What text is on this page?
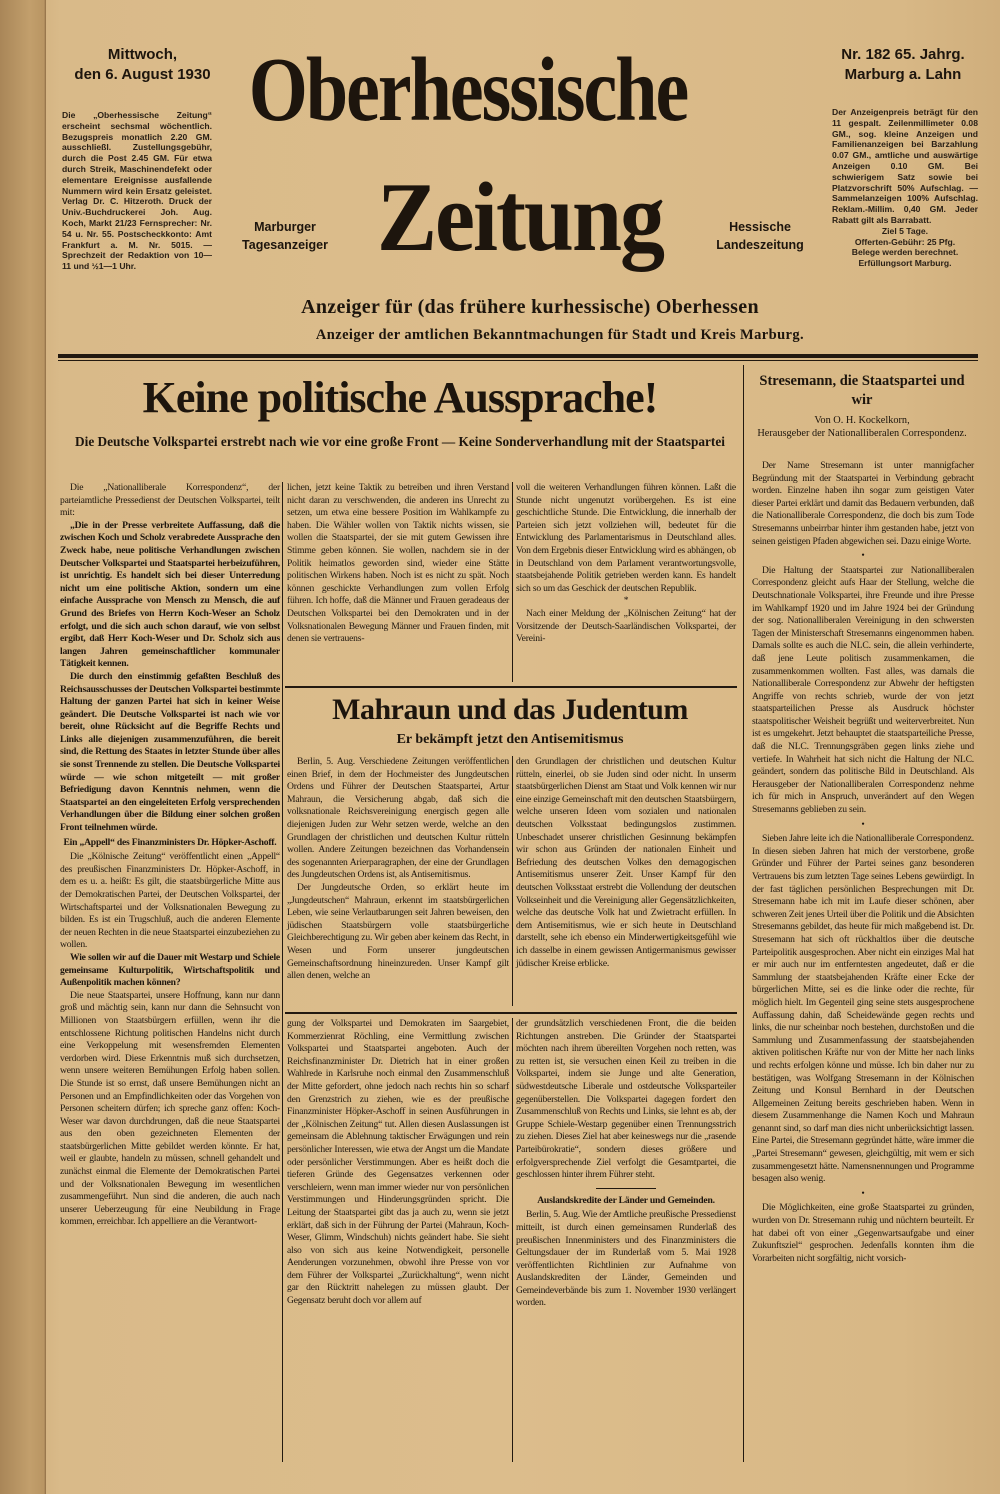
Mittwoch,
den 6. August 1930
Die „Oberhessische Zeitung“ erscheint sechsmal wöchentlich. Bezugspreis monatlich 2.20 GM. ausschließl. Zustellungsgebühr, durch die Post 2.45 GM. Für etwa durch Streik, Maschinendefekt oder elementare Ereignisse ausfallende Nummern wird kein Ersatz geleistet. Verlag Dr. C. Hitzeroth. Druck der Univ.-Buchdruckerei Joh. Aug. Koch, Markt 21/23 Fernsprecher: Nr. 54 u. Nr. 55. Postscheckkonto: Amt Frankfurt a. M. Nr. 5015. — Sprechzeit der Redaktion von 10—11 und ½1—1 Uhr.
Oberhessische
Zeitung
Marburger
Tagesanzeiger
Hessische
Landeszeitung
Nr. 182 65. Jahrg.
Marburg a. Lahn
Der Anzeigenpreis beträgt für den 11 gespalt. Zeilenmillimeter 0.08 GM., sog. kleine Anzeigen und Familienanzeigen bei Barzahlung 0.07 GM., amtliche und auswärtige Anzeigen 0.10 GM. Bei schwierigem Satz sowie bei Platzvorschrift 50% Aufschlag. — Sammelanzeigen 100% Aufschlag. Reklam.-Millim. 0,40 GM. Jeder Rabatt gilt als Barrabatt.
Ziel 5 Tage.
Offerten-Gebühr: 25 Pfg.
Belege werden berechnet.
Erfüllungsort Marburg.
Anzeiger für (das frühere kurhessische) Oberhessen
Anzeiger der amtlichen Bekanntmachungen für Stadt und Kreis Marburg.
Keine politische Aussprache!
Die Deutsche Volkspartei erstrebt nach wie vor eine große Front — Keine Sonderverhandlung mit der Staatspartei

Die „Nationalliberale Korrespondenz“, der parteiamtliche Pressedienst der Deutschen Volkspartei, teilt mit:

„Die in der Presse verbreitete Auffassung, daß die zwischen Koch und Scholz verabredete Aussprache den Zweck habe, neue politische Verhandlungen zwischen Deutscher Volkspartei und Staatspartei herbeizuführen, ist unrichtig. Es handelt sich bei dieser Unterredung nicht um eine politische Aktion, sondern um eine einfache Aussprache von Mensch zu Mensch, die auf Grund des Briefes von Herrn Koch-Weser an Scholz erfolgt, und die sich auch schon darauf, wie von selbst ergibt, daß Herr Koch-Weser und Dr. Scholz sich aus langen Jahren gemeinschaftlicher kommunaler Tätigkeit kennen.

Die durch den einstimmig gefaßten Beschluß des Reichsausschusses der Deutschen Volkspartei bestimmte Haltung der ganzen Partei hat sich in keiner Weise geändert. Die Deutsche Volkspartei ist nach wie vor bereit, ohne Rücksicht auf die Begriffe Rechts und Links alle diejenigen zusammenzuführen, die bereit sind, die Rettung des Staates in letzter Stunde über alles sie sonst Trennende zu stellen. Die Deutsche Volkspartei würde — wie schon mitgeteilt — mit großer Befriedigung davon Kenntnis nehmen, wenn die Staatspartei an den eingeleiteten Erfolg versprechenden Verhandlungen über die Bildung einer solchen großen Front teilnehmen würde.

Ein „Appell“ des Finanzministers Dr. Höpker-Aschoff.

Die „Kölnische Zeitung“ veröffentlicht einen „Appell“ des preußischen Finanzministers Dr. Höpker-Aschoff, in dem es u. a. heißt: Es gilt, die staatsbürgerliche Mitte aus der Demokratischen Partei, der Deutschen Volkspartei, der Wirtschaftspartei und der Volksnationalen Bewegung zu bilden. Es ist ein Trugschluß, auch die anderen Elemente der neuen Rechten in die neue Staatspartei einzubeziehen zu wollen.

Wie sollen wir auf die Dauer mit Westarp und Schiele gemeinsame Kulturpolitik, Wirtschaftspolitik und Außenpolitik machen können?

Die neue Staatspartei, unsere Hoffnung, kann nur dann groß und mächtig sein, kann nur dann die Sehnsucht von Millionen von Staatsbürgern erfüllen, wenn ihr die entschlossene Richtung politischen Handelns nicht durch eine Verkoppelung mit wesensfremden Elementen verdorben wird. Diese Erkenntnis muß sich durchsetzen, wenn unsere weiteren Bemühungen Erfolg haben sollen. Die Stunde ist so ernst, daß unsere Bemühungen nicht an Personen und an Empfindlichkeiten oder das Vorgehen von Personen scheitern dürfen; ich spreche ganz offen: Koch-Weser war davon durchdrungen, daß die neue Staatspartei aus den oben gezeichneten Elementen der staatsbürgerlichen Mitte gebildet werden könnte. Er hat, weil er glaubte, handeln zu müssen, schnell gehandelt und zunächst einmal die Elemente der Demokratischen Partei und der Volksnationalen Bewegung im wesentlichen zusammengeführt. Nun sind die anderen, die auch nach unserer Ueberzeugung für eine Neubildung in Frage kommen, erreichbar. Ich appelliere an die Verantwort-

lichen, jetzt keine Taktik zu betreiben und ihren Verstand nicht daran zu verschwenden, die anderen ins Unrecht zu setzen, um etwa eine bessere Position im Wahlkampfe zu haben. Die Wähler wollen von Taktik nichts wissen, sie wollen die Staatspartei, der sie mit gutem Gewissen ihre Stimme geben können. Sie wollen, nachdem sie in der Politik heimatlos geworden sind, wieder eine Stätte politischen Wirkens haben. Noch ist es nicht zu spät. Noch können geschickte Verhandlungen zum vollen Erfolg führen. Ich hoffe, daß die Männer und Frauen geradeaus der Deutschen Volkspartei bei den Demokraten und in der Volksnationalen Bewegung Männer und Frauen finden, mit denen sie vertrauens-

voll die weiteren Verhandlungen führen können. Laßt die Stunde nicht ungenutzt vorübergehen. Es ist eine geschichtliche Stunde. Die Entwicklung, die innerhalb der Parteien sich jetzt vollziehen will, bedeutet für die Entwicklung des Parlamentarismus in Deutschland alles. Von dem Ergebnis dieser Entwicklung wird es abhängen, ob in Deutschland von dem Parlament verantwortungsvolle, staatsbejahende Politik getrieben werden kann. Es handelt sich so um das Geschick der deutschen Republik.

*

Nach einer Meldung der „Kölnischen Zeitung“ hat der Vorsitzende der Deutsch-Saarländischen Volkspartei, der Vereini-

Mahraun und das Judentum
Er bekämpft jetzt den Antisemitismus

Berlin, 5. Aug. Verschiedene Zeitungen veröffentlichen einen Brief, in dem der Hochmeister des Jungdeutschen Ordens und Führer der Deutschen Staatspartei, Artur Mahraun, die Versicherung abgab, daß sich die volksnationale Reichsvereinigung energisch gegen alle diejenigen Juden zur Wehr setzen werde, welche an den Grundlagen der christlichen und deutschen Kultur rütteln wollen. Andere Zeitungen bezeichnen das Vorhandensein des sogenannten Arierparagraphen, der eine der Grundlagen des Jungdeutschen Ordens ist, als Antisemitismus.

Der Jungdeutsche Orden, so erklärt heute im „Jungdeutschen“ Mahraun, erkennt im staatsbürgerlichen Leben, wie seine Verlautbarungen seit Jahren beweisen, den jüdischen Staatsbürgern volle staatsbürgerliche Gleichberechtigung zu. Wir geben aber keinem das Recht, in Wesen und Form unserer jungdeutschen Gemeinschaftsordnung hineinzureden. Unser Kampf gilt allen denen, welche an

den Grundlagen der christlichen und deutschen Kultur rütteln, einerlei, ob sie Juden sind oder nicht. In unserm staatsbürgerlichen Dienst am Staat und Volk kennen wir nur eine einzige Gemeinschaft mit den deutschen Staatsbürgern, welche unseren Ideen vom sozialen und nationalen deutschen Volksstaat bedingungslos zustimmen. Unbeschadet unserer christlichen Gesinnung bekämpfen wir schon aus Gründen der nationalen Einheit und Befriedung des deutschen Volkes den demagogischen Antisemitismus unserer Zeit. Unser Kampf für den deutschen Volksstaat erstrebt die Vollendung der deutschen Volkseinheit und die Vereinigung aller Gegensätzlichkeiten, welche das deutsche Volk hat und Zwietracht erfüllen. In dem Antisemitismus, wie er sich heute in Deutschland darstellt, sehe ich ebenso ein Minderwertigkeitsgefühl wie ich dasselbe in einem gewissen Antigermanismus gewisser jüdischer Kreise erblicke.

gung der Volkspartei und Demokraten im Saargebiet, Kommerzienrat Röchling, eine Vermittlung zwischen Volkspartei und Staatspartei angeboten. Auch der Reichsfinanzminister Dr. Dietrich hat in einer großen Wahlrede in Karlsruhe noch einmal den Zusammenschluß der Mitte gefordert, ohne jedoch nach rechts hin so scharf den Grenzstrich zu ziehen, wie es der preußische Finanzminister Höpker-Aschoff in seinen Ausführungen in der „Kölnischen Zeitung“ tut. Allen diesen Auslassungen ist gemeinsam die Ablehnung taktischer Erwägungen und rein persönlicher Interessen, wie etwa der Angst um die Mandate oder persönlicher Verstimmungen. Aber es heißt doch die tieferen Gründe des Gegensatzes verkennen oder verschleiern, wenn man immer wieder nur von persönlichen Verstimmungen und Hinderungsgründen spricht. Die Leitung der Staatspartei gibt das ja auch zu, wenn sie jetzt erklärt, daß sich in der Führung der Partei (Mahraun, Koch-Weser, Glimm, Windschuh) nichts geändert habe. Sie sieht also von sich aus keine Notwendigkeit, personelle Aenderungen vorzunehmen, obwohl ihre Presse von vor dem Führer der Volkspartei „Zurückhaltung“, wenn nicht gar den Rücktritt nahelegen zu müssen glaubt. Der Gegensatz beruht doch vor allem auf

der grundsätzlich verschiedenen Front, die die beiden Richtungen anstreben. Die Gründer der Staatspartei möchten nach ihrem übereilten Vorgehen noch retten, was zu retten ist, sie versuchen einen Keil zu treiben in die Volkspartei, indem sie Junge und alte Generation, südwestdeutsche Liberale und ostdeutsche Volksparteiler gegenüberstellen. Die Volkspartei dagegen fordert den Zusammenschluß von Rechts und Links, sie lehnt es ab, der Gruppe Schiele-Westarp gegenüber einen Trennungsstrich zu ziehen. Dieses Ziel hat aber keineswegs nur die „rasende Parteibürokratie“, sondern dieses größere und erfolgversprechende Ziel verfolgt die Gesamtpartei, die geschlossen hinter ihrem Führer steht.

Auslandskredite der Länder und Gemeinden.

Berlin, 5. Aug. Wie der Amtliche preußische Pressedienst mitteilt, ist durch einen gemeinsamen Runderlaß des preußischen Innenministers und des Finanzministers die Geltungsdauer der im Runderlaß vom 5. Mai 1928 veröffentlichten Richtlinien zur Aufnahme von Auslandskrediten der Länder, Gemeinden und Gemeindeverbände bis zum 1. November 1930 verlängert worden.

Stresemann, die Staatspartei und wir
Von O. H. Kockelkorn,
Herausgeber der Nationalliberalen Correspondenz.

Der Name Stresemann ist unter mannigfacher Begründung mit der Staatspartei in Verbindung gebracht worden. Einzelne haben ihn sogar zum geistigen Vater dieser Partei erklärt und damit das Bedauern verbunden, daß die Nationalliberale Correspondenz, die doch bis zum Tode Stresemanns unbeirrbar hinter ihm gestanden habe, jetzt von seinen geistigen Pfaden abgewichen sei. Dazu einige Worte.

•

Die Haltung der Staatspartei zur Nationalliberalen Correspondenz gleicht aufs Haar der Stellung, welche die Deutschnationale Volkspartei, ihre Freunde und ihre Presse im Wahlkampf 1920 und im Jahre 1924 bei der Gründung der sog. Nationalliberalen Vereinigung in den schwersten Tagen der Ministerschaft Stresemanns eingenommen haben. Damals sollte es auch die NLC. sein, die allein verhinderte, daß jene Leute politisch zusammenkamen, die zusammenkommen wollten. Fast alles, was damals die Nationalliberale Correspondenz zur Abwehr der heftigsten Angriffe von rechts schrieb, wurde der von jetzt staatsparteilichen Presse als Ausdruck höchster staatspolitischer Weisheit begrüßt und weiterverbreitet. Nun ist es umgekehrt. Jetzt behauptet die staatsparteiliche Presse, daß die NLC. Trennungsgräben gegen links ziehe und vertiefe. In Wahrheit hat sich nicht die Haltung der NLC. geändert, sondern das politische Bild in Deutschland. Als Herausgeber der Nationalliberalen Correspondenz nehme ich für mich in Anspruch, unverändert auf den Wegen Stresemanns geblieben zu sein.

•

Sieben Jahre leite ich die Nationalliberale Correspondenz. In diesen sieben Jahren hat mich der verstorbene, große Gründer und Führer der Partei seines ganz besonderen Vertrauens bis zum letzten Tage seines Lebens gewürdigt. In der fast täglichen persönlichen Besprechungen mit Dr. Stresemann habe ich mit im Laufe dieser schönen, aber schweren Zeit jenes Urteil über die Politik und die Absichten Stresemanns gebildet, das heute für mich maßgebend ist. Dr. Stresemann hat sich oft rückhaltlos über die deutsche Parteipolitik ausgesprochen. Aber nicht ein einziges Mal hat er mir auch nur im entferntesten angedeutet, daß er die Sammlung der staatsbejahenden Kräfte einer Ecke der bürgerlichen Mitte, sei es die linke oder die rechte, für möglich hielt. Im Gegenteil ging seine stets ausgesprochene Auffassung dahin, daß Scheidewände gegen rechts und links, die nur scheinbar noch bestehen, durchstoßen und die Sammlung und Zusammenfassung der staatsbejahenden aktiven politischen Kräfte nur von der Mitte her nach links und rechts erfolgen könne und müsse. Ich bin daher nur zu bestätigen, was Wolfgang Stresemann in der Kölnischen Zeitung und Konsul Bernhard in der Deutschen Allgemeinen Zeitung bereits geschrieben haben. Wenn in diesem Zusammenhange die Namen Koch und Mahraun genannt sind, so darf man dies nicht unberücksichtigt lassen. Eine Partei, die Stresemann gegründet hätte, wäre immer die „Partei Stresemann“ gewesen, gleichgültig, mit wem er sich zusammengesetzt hätte. Namensnennungen und Programme besagen also wenig.

•

Die Möglichkeiten, eine große Staatspartei zu gründen, wurden von Dr. Stresemann ruhig und nüchtern beurteilt. Er hat dabei oft von einer „Gegenwartsaufgabe und einer Zukunftsziel“ gesprochen. Jedenfalls konnten ihm die Vorarbeiten nicht sorgfältig, nicht vorsich-
